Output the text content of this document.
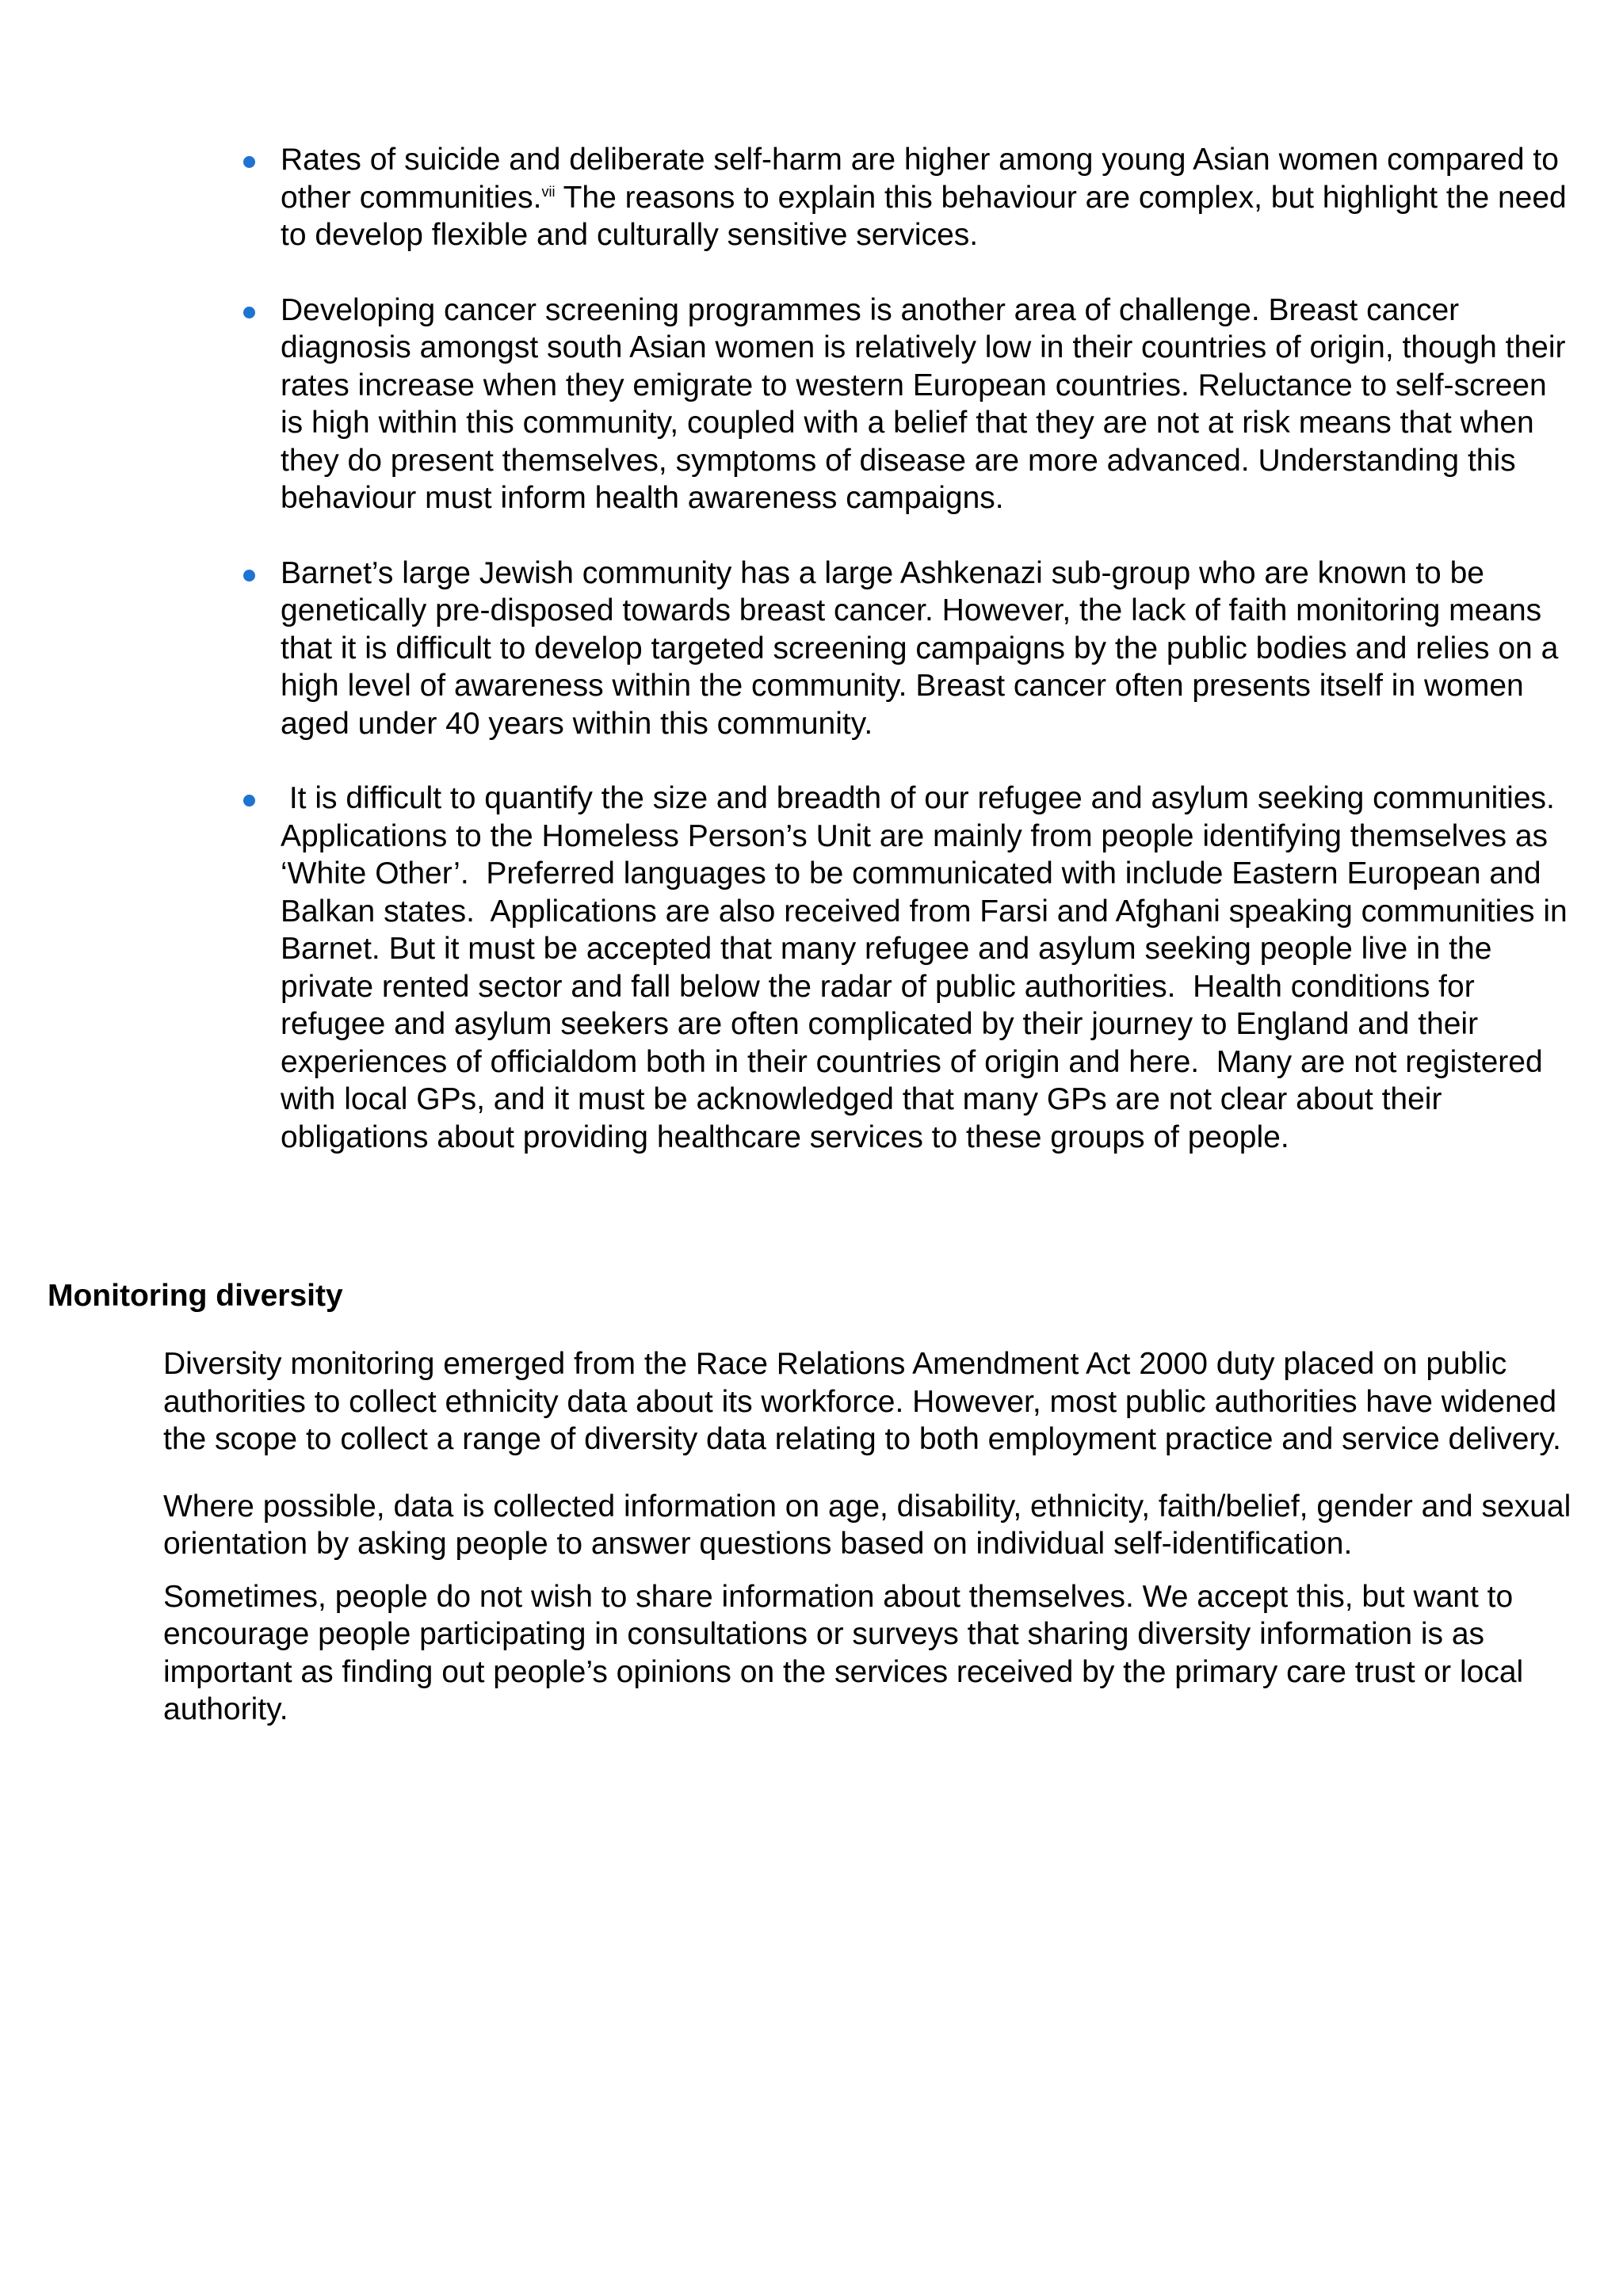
Rates of suicide and deliberate self-harm are higher among young Asian women compared to other communities.$^{vii}$ The reasons to explain this behaviour are complex, but highlight the need to develop flexible and culturally sensitive services.
Developing cancer screening programmes is another area of challenge. Breast cancer diagnosis amongst south Asian women is relatively low in their countries of origin, though their rates increase when they emigrate to western European countries. Reluctance to self-screen is high within this community, coupled with a belief that they are not at risk means that when they do present themselves, symptoms of disease are more advanced. Understanding this behaviour must inform health awareness campaigns.
Barnet’s large Jewish community has a large Ashkenazi sub-group who are known to be genetically pre-disposed towards breast cancer. However, the lack of faith monitoring means that it is difficult to develop targeted screening campaigns by the public bodies and relies on a high level of awareness within the community. Breast cancer often presents itself in women aged under 40 years within this community.
It is difficult to quantify the size and breadth of our refugee and asylum seeking communities.  Applications to the Homeless Person’s Unit are mainly from people identifying themselves as ‘White Other’.  Preferred languages to be communicated with include Eastern European and Balkan states.  Applications are also received from Farsi and Afghani speaking communities in Barnet. But it must be accepted that many refugee and asylum seeking people live in the private rented sector and fall below the radar of public authorities.  Health conditions for refugee and asylum seekers are often complicated by their journey to England and their experiences of officialdom both in their countries of origin and here.  Many are not registered with local GPs, and it must be acknowledged that many GPs are not clear about their obligations about providing healthcare services to these groups of people.
Monitoring diversity

Diversity monitoring emerged from the Race Relations Amendment Act 2000 duty placed on public authorities to collect ethnicity data about its workforce. However, most public authorities have widened the scope to collect a range of diversity data relating to both employment practice and service delivery.

Where possible, data is collected information on age, disability, ethnicity, faith/belief, gender and sexual orientation by asking people to answer questions based on individual self-identification.

Sometimes, people do not wish to share information about themselves. We accept this, but want to encourage people participating in consultations or surveys that sharing diversity information is as important as finding out people’s opinions on the services received by the primary care trust or local authority.
